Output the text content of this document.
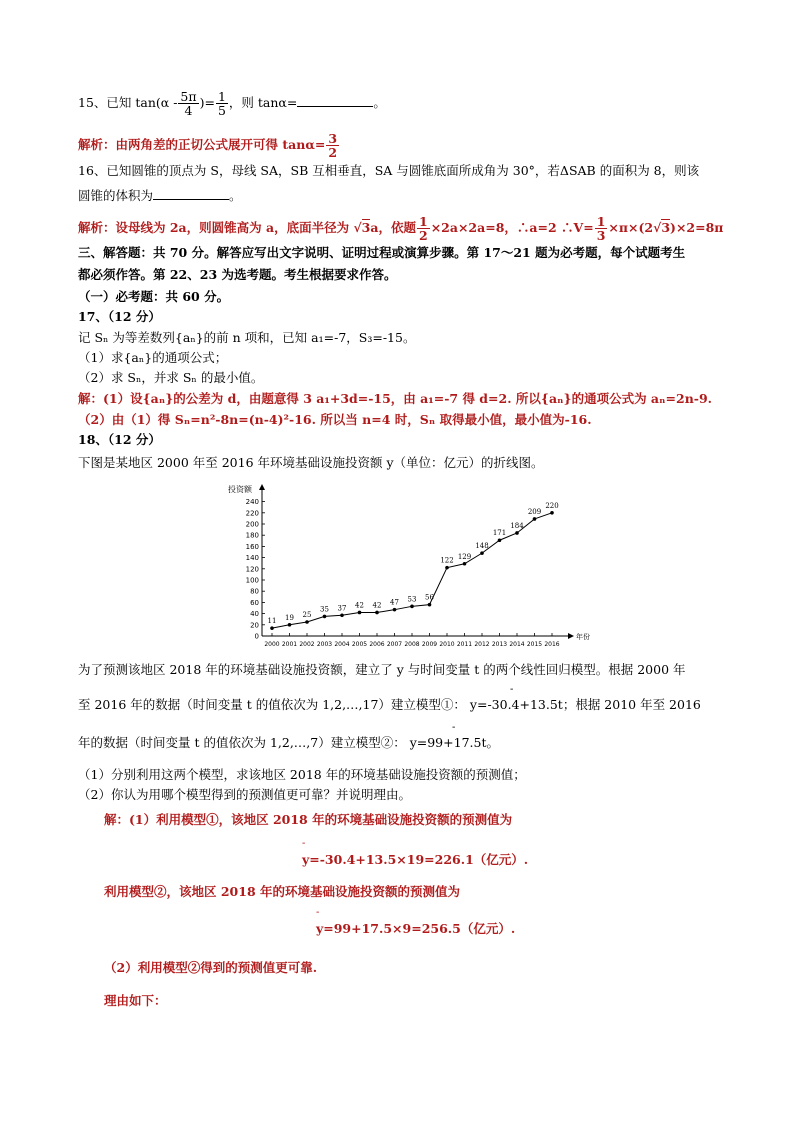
15、已知 $\tan(\alpha - \frac{5\pi}{4}$ )= $\frac{1}{5}$ ，则 tanα=	。
解析：由两角差的正切公式展开可得 $\tan\alpha= \frac{3}{2}$
16、已知圆锥的顶点为 S，母线 SA，SB 互相垂直，SA 与圆锥底面所成角为 30°，若ΔSAB 的面积为 8，则该
圆锥的体积为	。
解析：设母线为 2a，则圆锥高为 a，底面半径为 √3a，依题 $\frac{1}{2} \times 2a\times 2a=8$，∴a=2 ∴V= $\frac{1}{3} \times\pi\times(2√3)\times 2=8\pi$
三、解答题：共 70 分。解答应写出文字说明、证明过程或演算步骤。第 17～21 题为必考题，每个试题考生
都必须作答。第 22、23 为选考题。考生根据要求作答。
（一）必考题：共 60 分。
17、（12 分）
记 Sₙ 为等差数列{aₙ}的前 n 项和，已知 a₁=-7，S₃=-15。
（1）求{aₙ}的通项公式；
（2）求 Sₙ，并求 Sₙ 的最小值。
解：(1）设{aₙ}的公差为 d，由题意得 3 a₁+3d=-15，由 a₁=-7 得 d=2. 所以{aₙ}的通项公式为 aₙ=2n-9.
（2）由（1）得 Sₙ=n²-8n=(n-4)²-16. 所以当 n=4 时，Sₙ 取得最小值，最小值为-16.
18、（12 分）
下图是某地区 2000 年至 2016 年环境基础设施投资额 y（单位：亿元）的折线图。
投资额
年份
0
20
40
60
80
100
120
140
160
180
200
220
240
2000 2001 2002 2003 2004 2005 2006 2007 2008 2009 2010 2011 2012 2013 2014 2015 2016
11 19 25
35 37 42 42 47 53 56
122 129
148
171
184
209
220
为了预测该地区 2018 年的环境基础设施投资额，建立了 y 与时间变量 t 的两个线性回归模型。根据 2000 年
-
至 2016 年的数据（时间变量 t 的值依次为 1,2,…,17）建立模型①： y=-30.4+13.5t；根据 2010 年至 2016
-
年的数据（时间变量 t 的值依次为 1,2,…,7）建立模型②： y=99+17.5t。
（1）分别利用这两个模型，求该地区 2018 年的环境基础设施投资额的预测值；
（2）你认为用哪个模型得到的预测值更可靠？并说明理由。
解：(1）利用模型①，该地区 2018 年的环境基础设施投资额的预测值为
-
y=-30.4+13.5×19=226.1（亿元）.
利用模型②，该地区 2018 年的环境基础设施投资额的预测值为
-
y=99+17.5×9=256.5（亿元）.
（2）利用模型②得到的预测值更可靠.
理由如下：
